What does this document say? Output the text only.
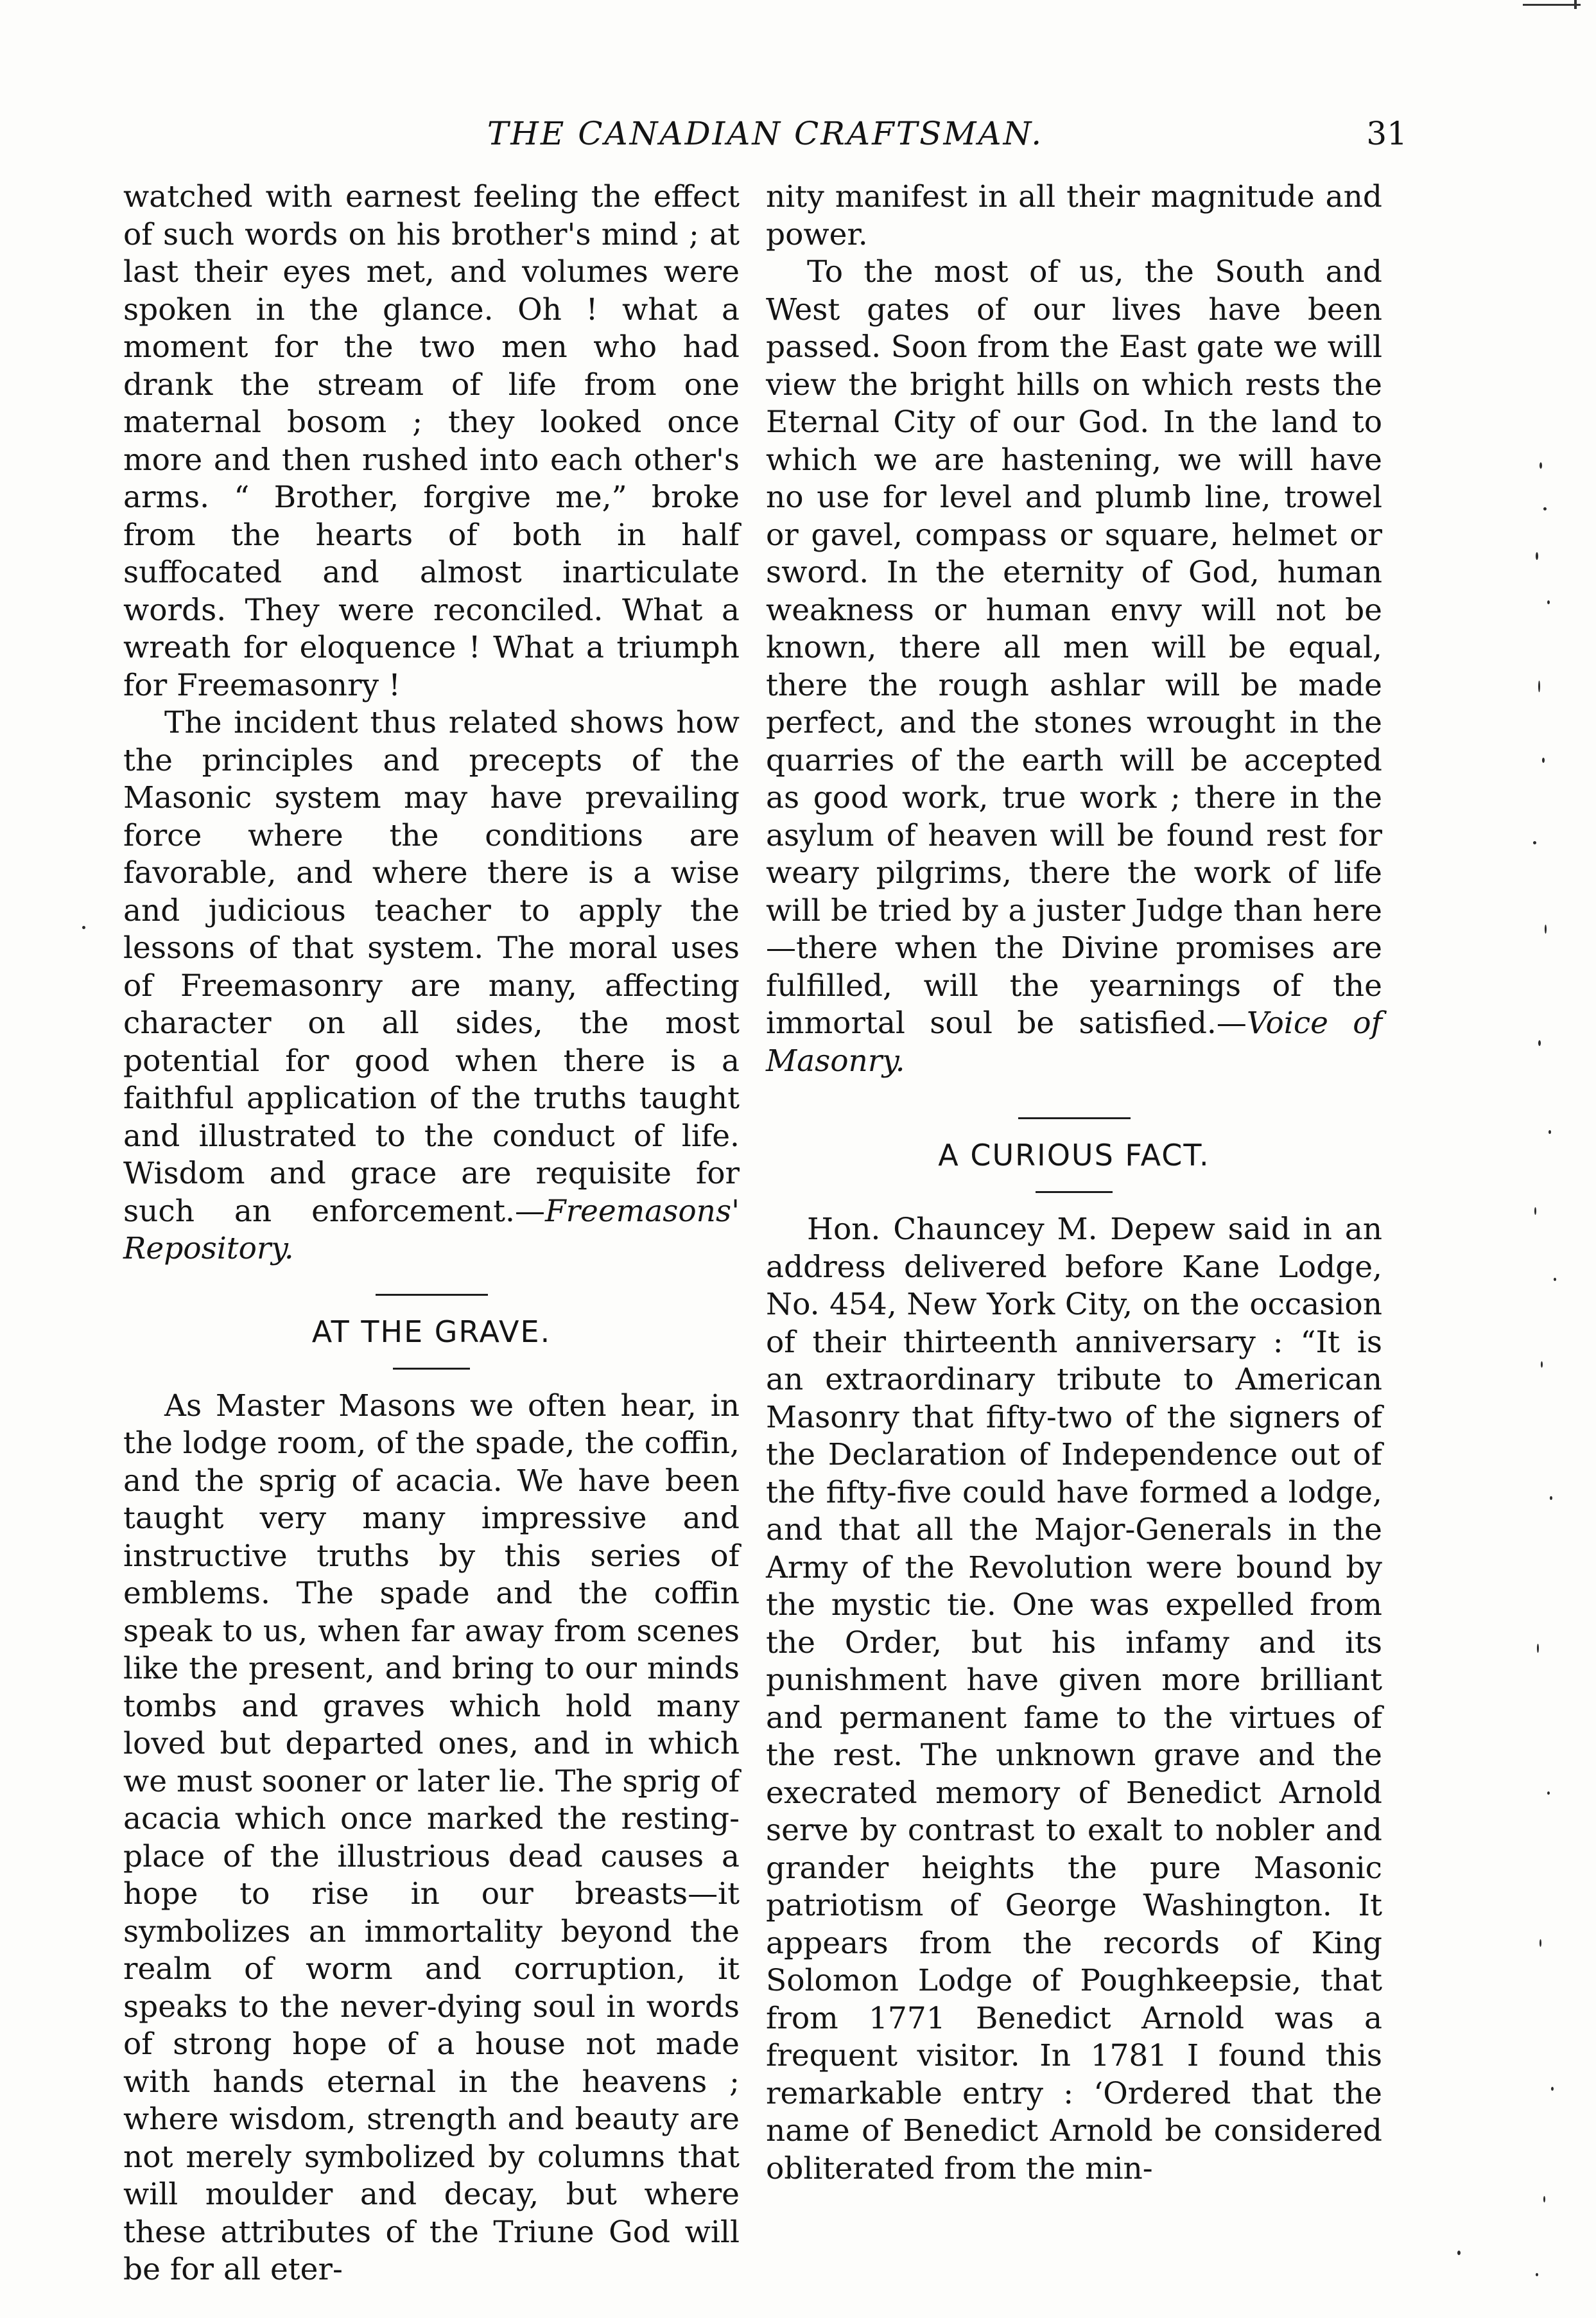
THE CANADIAN CRAFTSMAN.	31

watched with earnest feeling the effect of such words on his brother's mind ; at last their eyes met, and volumes were spoken in the glance. Oh ! what a moment for the two men who had drank the stream of life from one maternal bosom ; they looked once more and then rushed into each other's arms. “ Brother, forgive me,” broke from the hearts of both in half suffocated and almost inarticulate words. They were reconciled. What a wreath for eloquence ! What a triumph for Freemasonry !

The incident thus related shows how the principles and precepts of the Masonic system may have prevailing force where the conditions are favorable, and where there is a wise and judicious teacher to apply the lessons of that system. The moral uses of Freemasonry are many, affecting character on all sides, the most potential for good when there is a faithful application of the truths taught and illustrated to the conduct of life. Wisdom and grace are requisite for such an enforcement.—Freemasons' Repository.

AT THE GRAVE.

As Master Masons we often hear, in the lodge room, of the spade, the coffin, and the sprig of acacia. We have been taught very many impressive and instructive truths by this series of emblems. The spade and the coffin speak to us, when far away from scenes like the present, and bring to our minds tombs and graves which hold many loved but departed ones, and in which we must sooner or later lie. The sprig of acacia which once marked the resting-place of the illustrious dead causes a hope to rise in our breasts—it symbolizes an immortality beyond the realm of worm and corruption, it speaks to the never-dying soul in words of strong hope of a house not made with hands eternal in the heavens ; where wisdom, strength and beauty are not merely symbolized by columns that will moulder and decay, but where these attributes of the Triune God will be for all eter-

nity manifest in all their magnitude and power.

To the most of us, the South and West gates of our lives have been passed. Soon from the East gate we will view the bright hills on which rests the Eternal City of our God. In the land to which we are hastening, we will have no use for level and plumb line, trowel or gavel, compass or square, helmet or sword. In the eternity of God, human weakness or human envy will not be known, there all men will be equal, there the rough ashlar will be made perfect, and the stones wrought in the quarries of the earth will be accepted as good work, true work ; there in the asylum of heaven will be found rest for weary pilgrims, there the work of life will be tried by a juster Judge than here—there when the Divine promises are fulfilled, will the yearnings of the immortal soul be satisfied.—Voice of Masonry.

A CURIOUS FACT.

Hon. Chauncey M. Depew said in an address delivered before Kane Lodge, No. 454, New York City, on the occasion of their thirteenth anniversary : “It is an extraordinary tribute to American Masonry that fifty-two of the signers of the Declaration of Independence out of the fifty-five could have formed a lodge, and that all the Major-Generals in the Army of the Revolution were bound by the mystic tie. One was expelled from the Order, but his infamy and its punishment have given more brilliant and permanent fame to the virtues of the rest. The unknown grave and the execrated memory of Benedict Arnold serve by contrast to exalt to nobler and grander heights the pure Masonic patriotism of George Washington. It appears from the records of King Solomon Lodge of Poughkeepsie, that from 1771 Benedict Arnold was a frequent visitor. In 1781 I found this remarkable entry : ‘Ordered that the name of Benedict Arnold be considered obliterated from the min-
